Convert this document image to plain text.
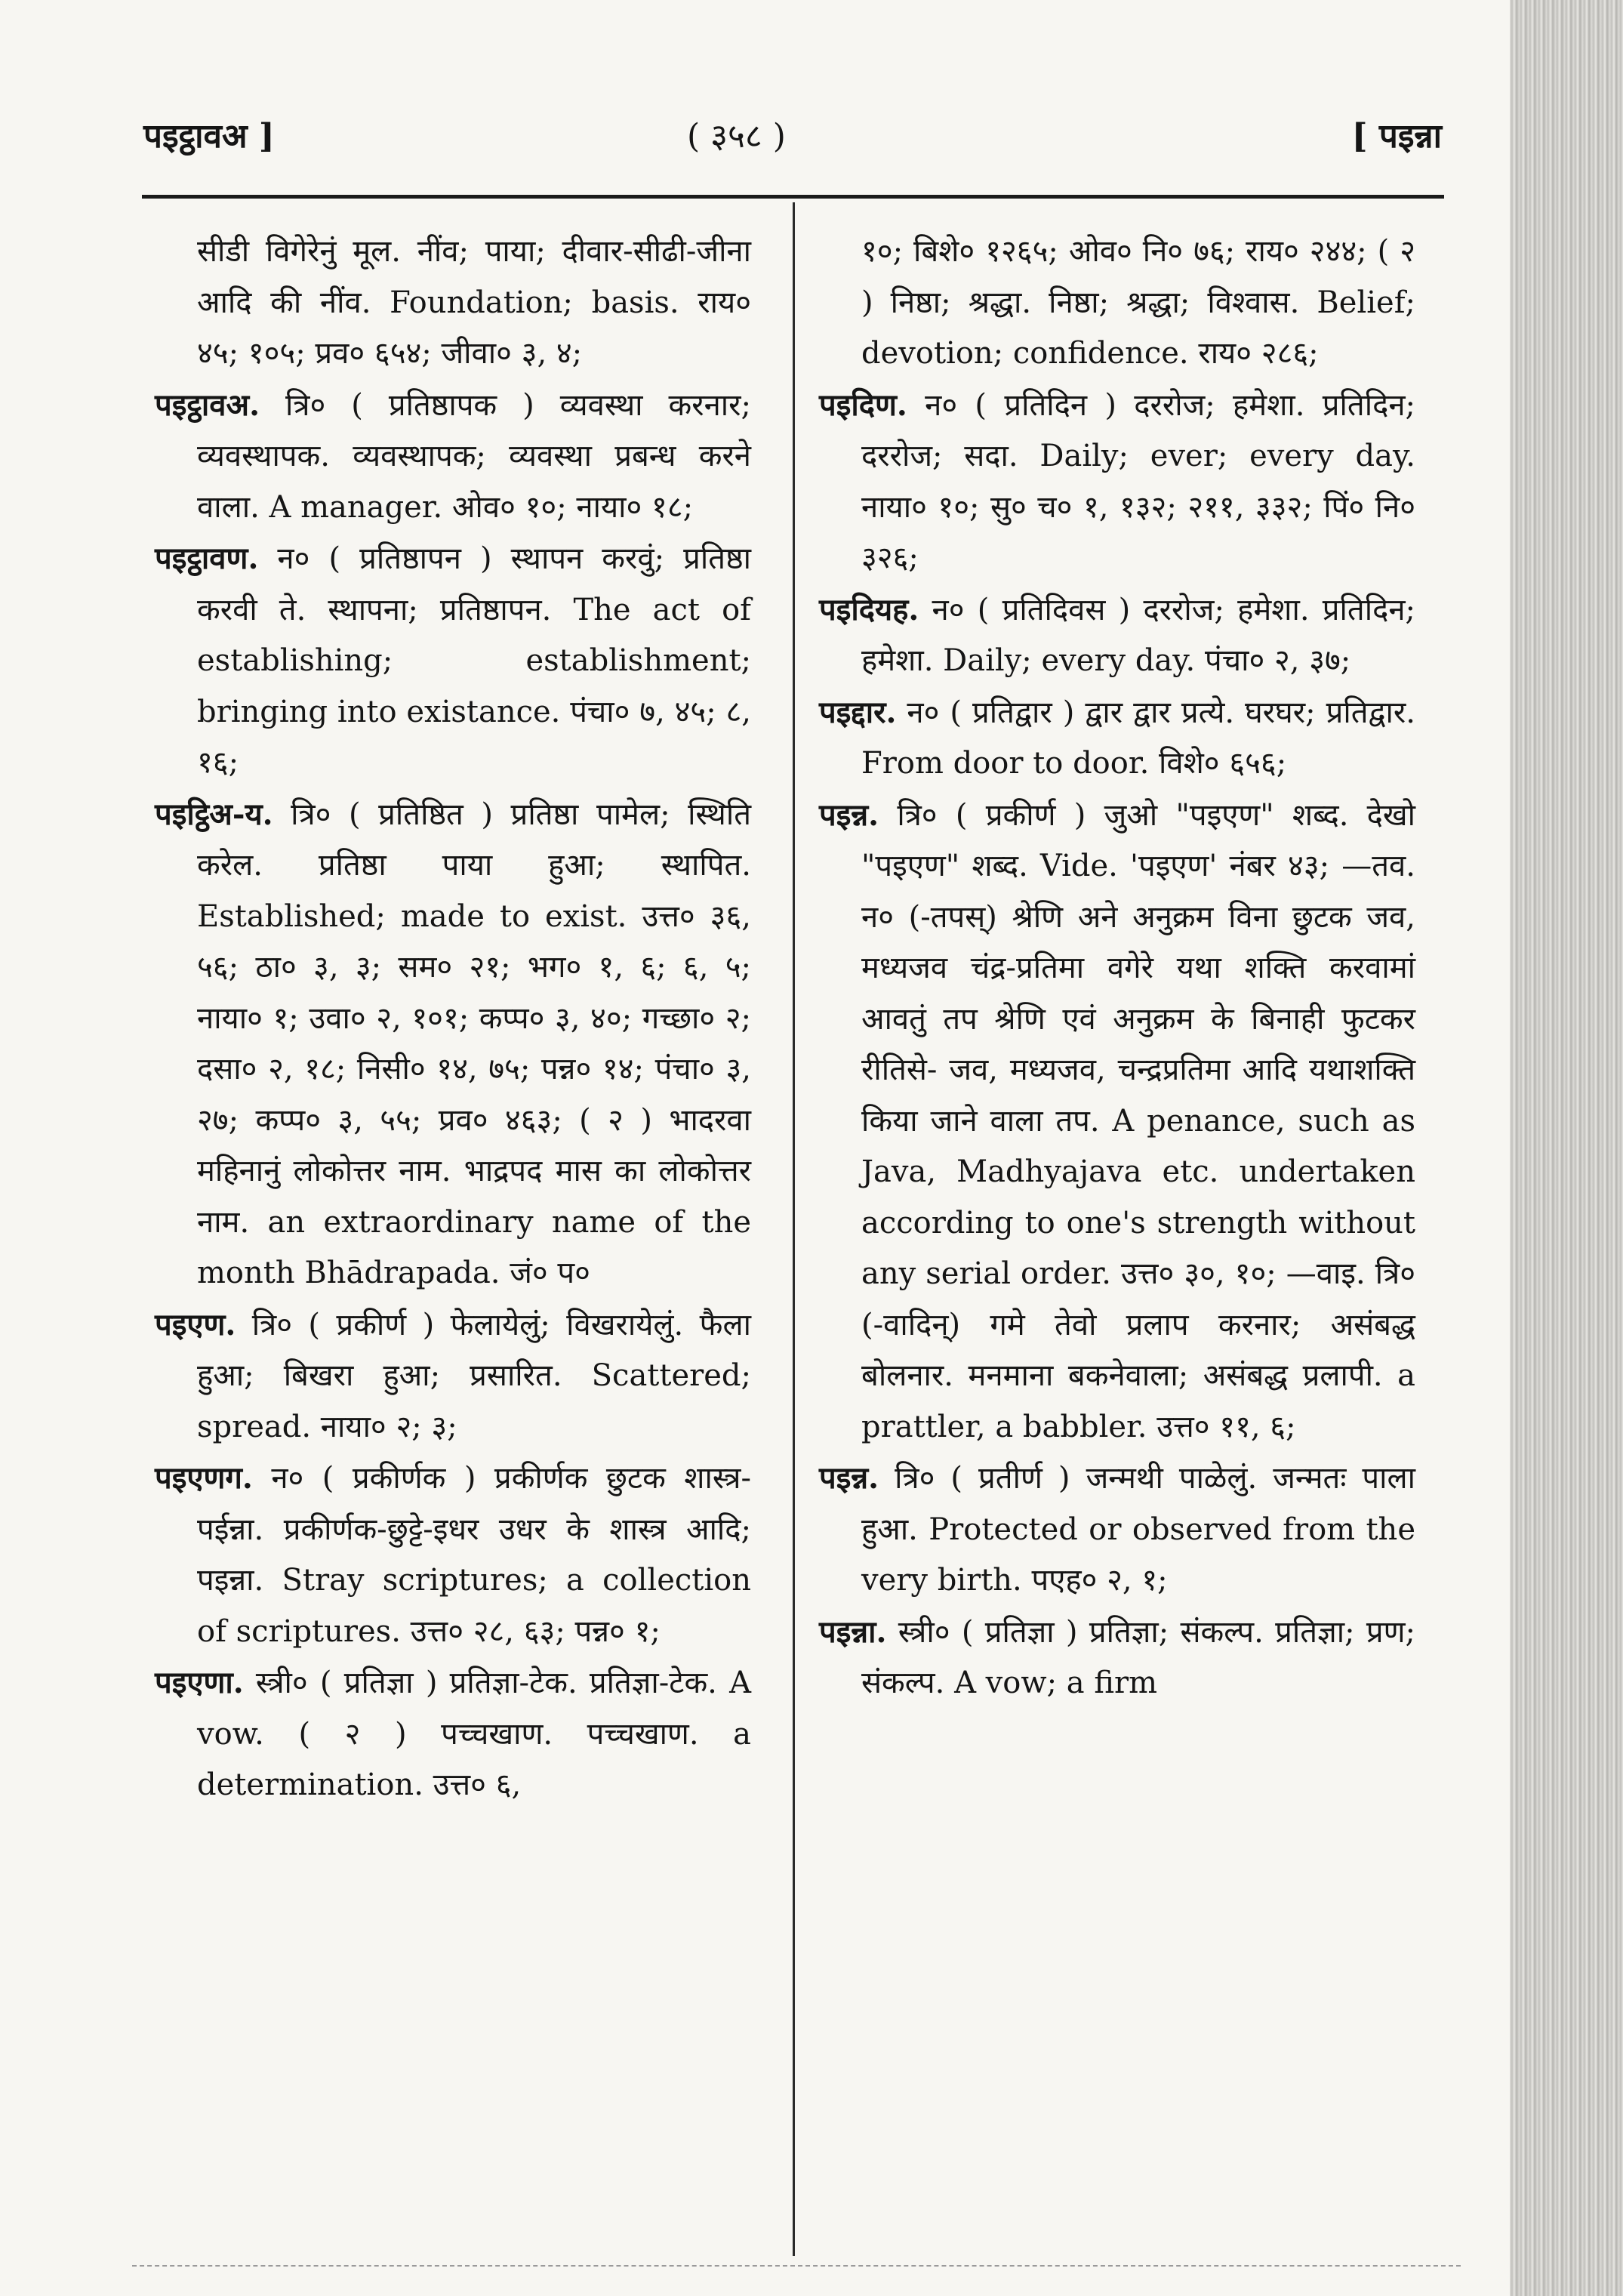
पइट्ठावअ ]	( ३५८ )	[ पइन्ना

सीडी विगेरेनुं मूल. नींव; पाया; दीवार-सीढी-जीना आदि की नींव. Foundation; basis. राय० ४५; १०५; प्रव० ६५४; जीवा० ३, ४;

पइट्ठावअ. त्रि० ( प्रतिष्ठापक ) व्यवस्था करनार; व्यवस्थापक. व्यवस्थापक; व्यवस्था प्रबन्ध करने वाला. A manager. ओव० १०; नाया० १८;

पइट्ठावण. न० ( प्रतिष्ठापन ) स्थापन करवुं; प्रतिष्ठा करवी ते. स्थापना; प्रतिष्ठापन. The act of establishing; establishment; bringing into existance. पंचा० ७, ४५; ८, १६;

पइट्ठिअ-य. त्रि० ( प्रतिष्ठित ) प्रतिष्ठा पामेल; स्थिति करेल. प्रतिष्ठा पाया हुआ; स्थापित. Established; made to exist. उत्त० ३६, ५६; ठा० ३, ३; सम० २१; भग० १, ६; ६, ५; नाया० १; उवा० २, १०१; कप्प० ३, ४०; गच्छा० २; दसा० २, १८; निसी० १४, ७५; पन्न० १४; पंचा० ३, २७; कप्प० ३, ५५; प्रव० ४६३; ( २ ) भादरवा महिनानुं लोकोत्तर नाम. भाद्रपद मास का लोकोत्तर नाम. an extraordinary name of the month Bhādrapada. जं० प०

पइएण. त्रि० ( प्रकीर्ण ) फेलायेलुं; विखरायेलुं. फैला हुआ; बिखरा हुआ; प्रसारित. Scattered; spread. नाया० २; ३;

पइएणग. न० ( प्रकीर्णक ) प्रकीर्णक छुटक शास्त्र-पईन्ना. प्रकीर्णक-छुट्टे-इधर उधर के शास्त्र आदि; पइन्ना. Stray scriptures; a collection of scriptures. उत्त० २८, ६३; पन्न० १;

पइएणा. स्त्री० ( प्रतिज्ञा ) प्रतिज्ञा-टेक. प्रतिज्ञा-टेक. A vow. ( २ ) पच्चखाण. पच्चखाण. a determination. उत्त० ६,

१०; बिशे० १२६५; ओव० नि० ७६; राय० २४४; ( २ ) निष्ठा; श्रद्धा. निष्ठा; श्रद्धा; विश्वास. Belief; devotion; confidence. राय० २८६;

पइदिण. न० ( प्रतिदिन ) दररोज; हमेशा. प्रतिदिन; दररोज; सदा. Daily; ever; every day. नाया० १०; सु० च० १, १३२; २११, ३३२; पिं० नि० ३२६;

पइदियह. न० ( प्रतिदिवस ) दररोज; हमेशा. प्रतिदिन; हमेशा. Daily; every day. पंचा० २, ३७;

पइद्दार. न० ( प्रतिद्वार ) द्वार द्वार प्रत्ये. घरघर; प्रतिद्वार. From door to door. विशे० ६५६;

पइन्न. त्रि० ( प्रकीर्ण ) जुओ "पइएण" शब्द. देखो "पइएण" शब्द. Vide. 'पइएण' नंबर ४३; —तव. न० (-तपस्) श्रेणि अने अनुक्रम विना छुटक जव, मध्यजव चंद्र-प्रतिमा वगेरे यथा शक्ति करवामां आवतुं तप श्रेणि एवं अनुक्रम के बिनाही फुटकर रीतिसे- जव, मध्यजव, चन्द्रप्रतिमा आदि यथाशक्ति किया जाने वाला तप. A penance, such as Java, Madhyajava etc. undertaken according to one's strength without any serial order. उत्त० ३०, १०; —वाइ. त्रि० (-वादिन्) गमे तेवो प्रलाप करनार; असंबद्ध बोलनार. मनमाना बकनेवाला; असंबद्ध प्रलापी. a prattler, a babbler. उत्त० ११, ६;

पइन्न. त्रि० ( प्रतीर्ण ) जन्मथी पाळेलुं. जन्मतः पाला हुआ. Protected or observed from the very birth. पएह० २, १;

पइन्ना. स्त्री० ( प्रतिज्ञा ) प्रतिज्ञा; संकल्प. प्रतिज्ञा; प्रण; संकल्प. A vow; a firm
